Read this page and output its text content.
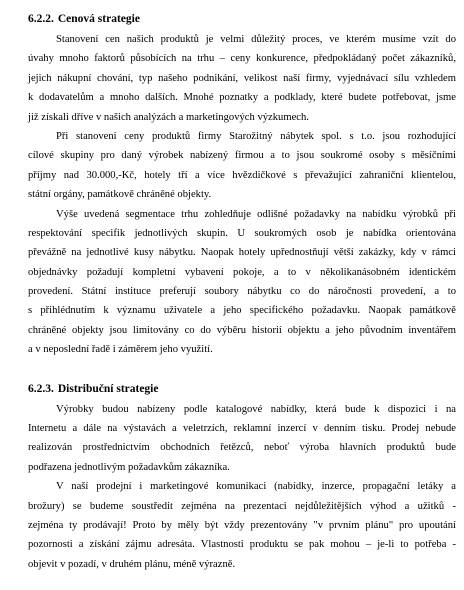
6.2.2. Cenová strategie
Stanovení cen našich produktů je velmi důležitý proces, ve kterém musíme vzít do
úvahy mnoho faktorů působících na trhu – ceny konkurence, předpokládaný počet zákazníků,
jejich nákupní chování, typ našeho podnikání, velikost naší firmy, vyjednávací sílu vzhledem
k dodavatelům a mnoho dalších. Mnohé poznatky a podklady, které budete potřebovat, jsme
již získali dříve v našich analýzách a marketingových výzkumech.
Při stanovení ceny produktů firmy Starožitný nábytek spol. s t.o. jsou rozhodující
cílové skupiny pro daný výrobek nabízený firmou a to jsou soukromé osoby s měsíčními
příjmy nad 30.000,-Kč, hotely tří a více hvězdičkové s převažující zahraniční klientelou,
státní orgány, památkově chráněné objekty.
Výše uvedená segmentace trhu zohledňuje odlišné požadavky na nabídku výrobků při
respektování specifik jednotlivých skupin. U soukromých osob je nabídka orientována
převážně na jednotlivé kusy nábytku. Naopak hotely upřednostňují větší zakázky, kdy v rámci
objednávky požadují kompletní vybavení pokoje, a to v několikanásobném identickém
provedení. Státní instituce preferují soubory nábytku co do náročnosti provedení, a to
s přihlédnutím k významu uživatele a jeho specifického požadavku. Naopak památkově
chráněné objekty jsou limitovány co do výběru historií objektu a jeho původním inventářem
a v neposlední řadě i záměrem jeho využití.
6.2.3. Distribuční strategie
Výrobky budou nabízeny podle katalogové nabídky, která bude k dispozici i na
Internetu a dále na výstavách a veletrzích, reklamní inzercí v denním tisku. Prodej nebude
realizován prostřednictvím obchodních řetězců, neboť výroba hlavních produktů bude
podřazena jednotlivým požadavkům zákazníka.
V naší prodejní i marketingové komunikaci (nabídky, inzerce, propagační letáky a
brožury) se budeme soustředit zejména na prezentaci nejdůležitějších výhod a užitků -
zejména ty prodávají! Proto by měly být vždy prezentovány "v prvním plánu" pro upoutání
pozornosti a získání zájmu adresáta. Vlastnosti produktu se pak mohou – je-li to potřeba -
objevit v pozadí, v druhém plánu, méně výrazně.
